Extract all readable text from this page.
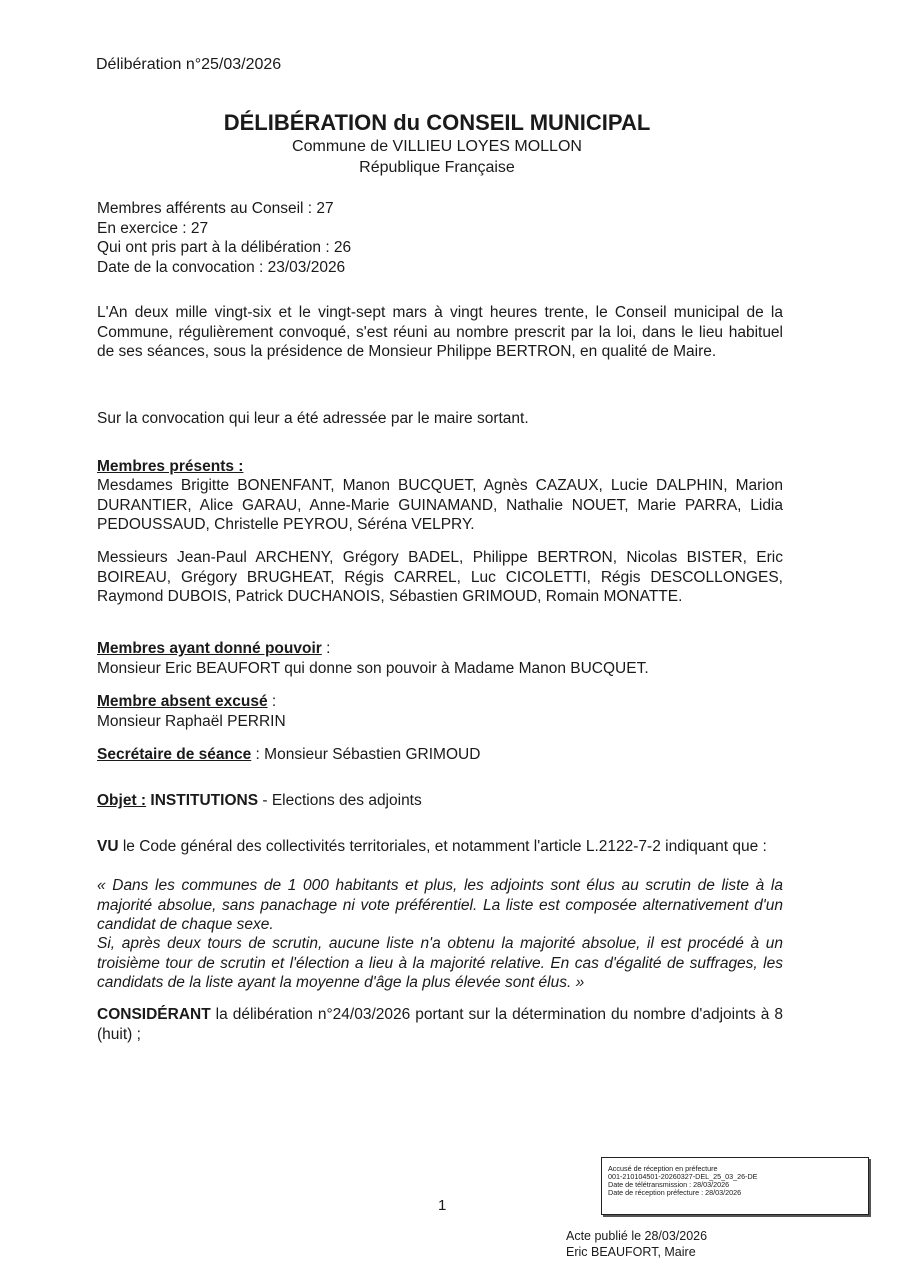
Délibération n°25/03/2026
DÉLIBÉRATION du CONSEIL MUNICIPAL
Commune de VILLIEU LOYES MOLLON
République Française

Membres afférents au Conseil : 27

En exercice : 27

Qui ont pris part à la délibération : 26

Date de la convocation : 23/03/2026

L'An deux mille vingt-six et le vingt-sept mars à vingt heures trente, le Conseil municipal de la Commune, régulièrement convoqué, s'est réuni au nombre prescrit par la loi, dans le lieu habituel de ses séances, sous la présidence de Monsieur Philippe BERTRON, en qualité de Maire.
Sur la convocation qui leur a été adressée par le maire sortant.
Membres présents :
Mesdames Brigitte BONENFANT, Manon BUCQUET, Agnès CAZAUX, Lucie DALPHIN, Marion DURANTIER, Alice GARAU, Anne-Marie GUINAMAND, Nathalie NOUET, Marie PARRA, Lidia PEDOUSSAUD, Christelle PEYROU, Séréna VELPRY.
Messieurs Jean-Paul ARCHENY, Grégory BADEL, Philippe BERTRON, Nicolas BISTER, Eric BOIREAU, Grégory BRUGHEAT, Régis CARREL, Luc CICOLETTI, Régis DESCOLLONGES, Raymond DUBOIS, Patrick DUCHANOIS, Sébastien GRIMOUD, Romain MONATTE.

Membres ayant donné pouvoir :

Monsieur Eric BEAUFORT qui donne son pouvoir à Madame Manon BUCQUET.

Membre absent excusé :

Monsieur Raphaël PERRIN

Secrétaire de séance : Monsieur Sébastien GRIMOUD
Objet : INSTITUTIONS - Elections des adjoints
VU le Code général des collectivités territoriales, et notamment l'article L.2122-7-2 indiquant que :
« Dans les communes de 1 000 habitants et plus, les adjoints sont élus au scrutin de liste à la majorité absolue, sans panachage ni vote préférentiel. La liste est composée alternativement d'un candidat de chaque sexe.
Si, après deux tours de scrutin, aucune liste n'a obtenu la majorité absolue, il est procédé à un troisième tour de scrutin et l'élection a lieu à la majorité relative. En cas d'égalité de suffrages, les candidats de la liste ayant la moyenne d'âge la plus élevée sont élus. »
CONSIDÉRANT la délibération n°24/03/2026 portant sur la détermination du nombre d'adjoints à 8 (huit) ;
Accusé de réception en préfecture
001-210104501-20260327-DEL_25_03_26-DE
Date de télétransmission : 28/03/2026
Date de réception préfecture : 28/03/2026
1
Acte publié le 28/03/2026
Eric BEAUFORT, Maire
